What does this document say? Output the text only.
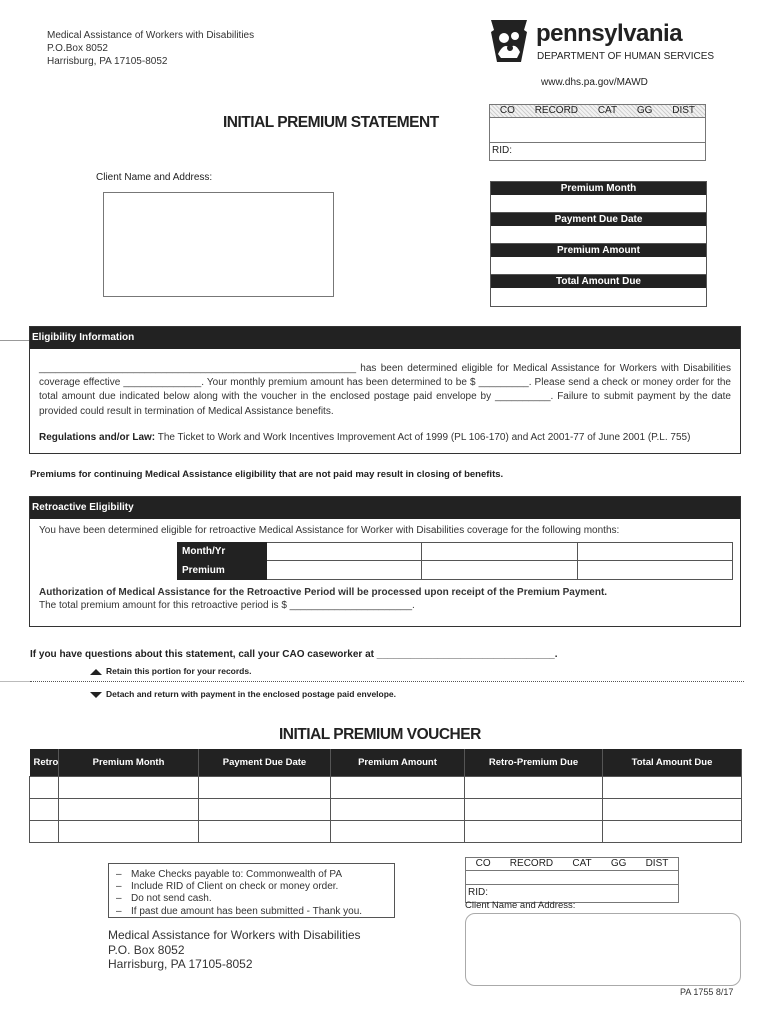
Medical Assistance of Workers with Disabilities
P.O.Box 8052
Harrisburg, PA 17105-8052
pennsylvania
DEPARTMENT OF HUMAN SERVICES
www.dhs.pa.gov/MAWD
INITIAL PREMIUM STATEMENT
CO RECORD CAT GG DIST
RID:
Client Name and Address:
Premium Month
Payment Due Date
Premium Amount
Total Amount Due
Eligibility Information
_________________________________________________________ has been determined eligible for Medical Assistance for Workers with Disabilities coverage effective ______________. Your monthly premium amount has been determined to be $ _________. Please send a check or money order for the total amount due indicated below along with the voucher in the enclosed postage paid envelope by __________. Failure to submit payment by the date provided could result in termination of Medical Assistance benefits.
Regulations and/or Law: The Ticket to Work and Work Incentives Improvement Act of 1999 (PL 106-170) and Act 2001-77 of June 2001 (P.L. 755)
Premiums for continuing Medical Assistance eligibility that are not paid may result in closing of benefits.
Retroactive Eligibility
You have been determined eligible for retroactive Medical Assistance for Worker with Disabilities coverage for the following months:
Month/Yr
Premium
Authorization of Medical Assistance for the Retroactive Period will be processed upon receipt of the Premium Payment.
The total premium amount for this retroactive period is $ ______________________.
If you have questions about this statement, call your CAO caseworker at ________________________________.
Retain this portion for your records.
Detach and return with payment in the enclosed postage paid envelope.
INITIAL PREMIUM VOUCHER
Retro	Premium Month	Payment Due Date	Premium Amount	Retro-Premium Due	Total Amount Due

– Make Checks payable to: Commonwealth of PA
– Include RID of Client on check or money order.
– Do not send cash.
– If past due amount has been submitted - Thank you.
Medical Assistance for Workers with Disabilities
P.O. Box 8052
Harrisburg, PA 17105-8052
CO RECORD CAT GG DIST
RID:
Client Name and Address:
PA 1755 8/17
